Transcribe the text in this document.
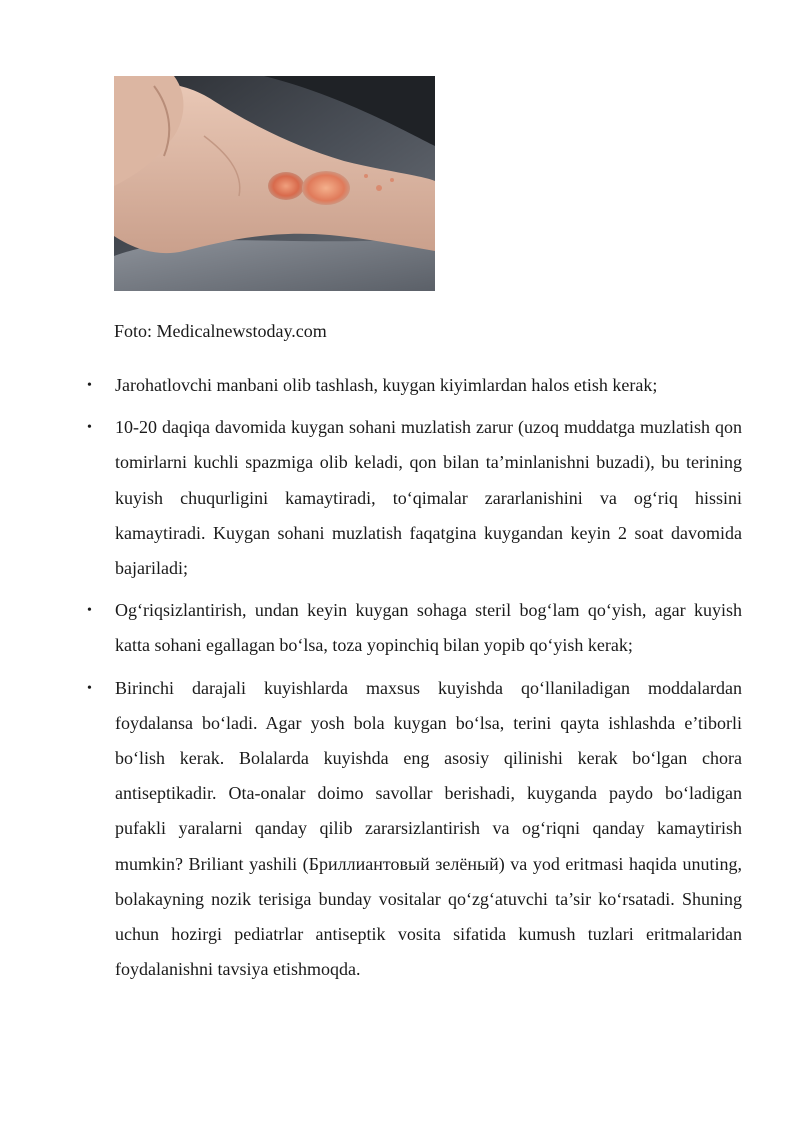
Foto: Medicalnewstoday.com

• Jarohatlovchi manbani olib tashlash, kuygan kiyimlardan halos etish kerak;
• 10-20 daqiqa davomida kuygan sohani muzlatish zarur (uzoq muddatga muzlatish qon tomirlarni kuchli spazmiga olib keladi, qon bilan ta’minlanishni buzadi), bu terining kuyish chuqurligini kamaytiradi, to‘qimalar zararlanishini va og‘riq hissini kamaytiradi. Kuygan sohani muzlatish faqatgina kuygandan keyin 2 soat davomida bajariladi;
• Og‘riqsizlantirish, undan keyin kuygan sohaga steril bog‘lam qo‘yish, agar kuyish katta sohani egallagan bo‘lsa, toza yopinchiq bilan yopib qo‘yish kerak;
• Birinchi darajali kuyishlarda maxsus kuyishda qo‘llaniladigan moddalardan foydalansa bo‘ladi. Agar yosh bola kuygan bo‘lsa, terini qayta ishlashda e’tiborli bo‘lish kerak. Bolalarda kuyishda eng asosiy qilinishi kerak bo‘lgan chora antiseptikadir. Ota-onalar doimo savollar berishadi, kuyganda paydo bo‘ladigan pufakli yaralarni qanday qilib zararsizlantirish va og‘riqni qanday kamaytirish mumkin? Briliant yashili (Бриллиантовый зелёный) va yod eritmasi haqida unuting, bolakayning nozik terisiga bunday vositalar qo‘zg‘atuvchi ta’sir ko‘rsatadi. Shuning uchun hozirgi pediatrlar antiseptik vosita sifatida kumush tuzlari eritmalaridan foydalanishni tavsiya etishmoqda.
